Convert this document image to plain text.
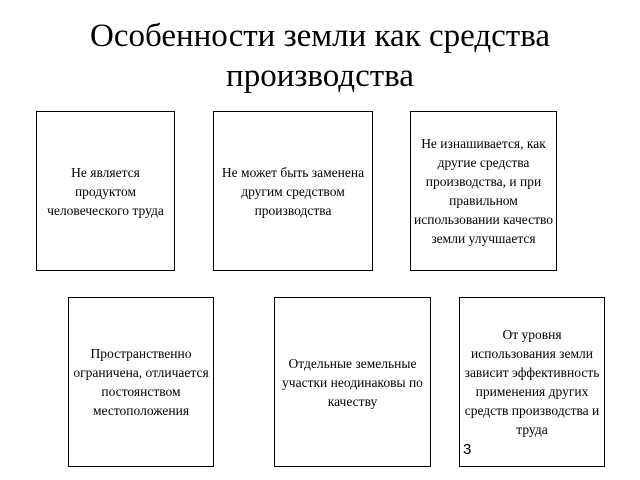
Особенности земли как средства
производства
Не является продуктом человеческого труда
Не может быть заменена другим средством производства
Не изнашивается, как другие средства производства, и при правильном использовании качество земли улучшается
Пространственно ограничена, отличается постоянством местоположения
Отдельные земельные участки неодинаковы по качеству
От уровня использования земли зависит эффективность применения других средств производства и труда
3
